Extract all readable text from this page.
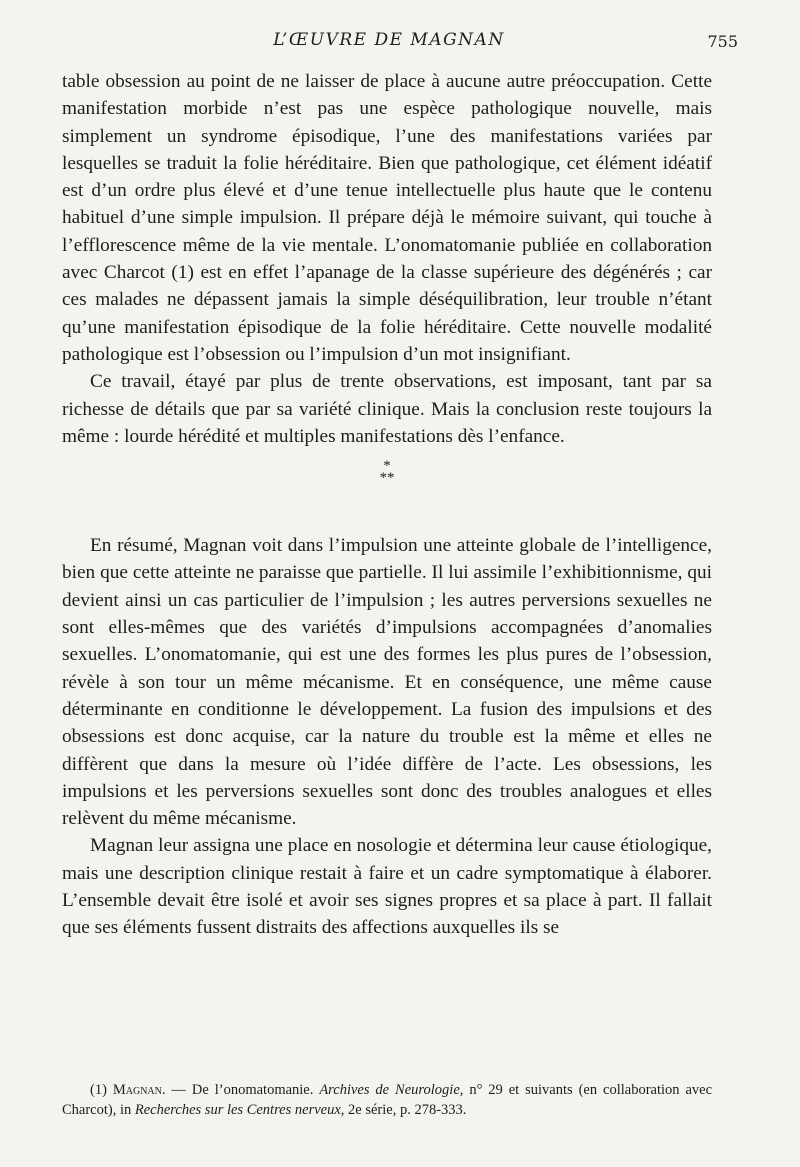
L’ŒUVRE DE MAGNAN	755

table obsession au point de ne laisser de place à aucune autre préoccupation. Cette manifestation morbide n’est pas une espèce pathologique nouvelle, mais simplement un syndrome épisodique, l’une des manifestations variées par lesquelles se traduit la folie héréditaire. Bien que pathologique, cet élément idéatif est d’un ordre plus élevé et d’une tenue intellectuelle plus haute que le contenu habituel d’une simple impulsion. Il prépare déjà le mémoire suivant, qui touche à l’efflorescence même de la vie mentale. L’onomatomanie publiée en collaboration avec Charcot (1) est en effet l’apanage de la classe supérieure des dégénérés ; car ces malades ne dépassent jamais la simple déséquilibration, leur trouble n’étant qu’une manifestation épisodique de la folie héréditaire. Cette nouvelle modalité pathologique est l’obsession ou l’impulsion d’un mot insignifiant.

Ce travail, étayé par plus de trente observations, est imposant, tant par sa richesse de détails que par sa variété clinique. Mais la conclusion reste toujours la même : lourde hérédité et multiples manifestations dès l’enfance.

*
**

En résumé, Magnan voit dans l’impulsion une atteinte globale de l’intelligence, bien que cette atteinte ne paraisse que partielle. Il lui assimile l’exhibitionnisme, qui devient ainsi un cas particulier de l’impulsion ; les autres perversions sexuelles ne sont elles-mêmes que des variétés d’impulsions accompagnées d’anomalies sexuelles. L’onomatomanie, qui est une des formes les plus pures de l’obsession, révèle à son tour un même mécanisme. Et en conséquence, une même cause déterminante en conditionne le développement. La fusion des impulsions et des obsessions est donc acquise, car la nature du trouble est la même et elles ne diffèrent que dans la mesure où l’idée diffère de l’acte. Les obsessions, les impulsions et les perversions sexuelles sont donc des troubles analogues et elles relèvent du même mécanisme.

Magnan leur assigna une place en nosologie et détermina leur cause étiologique, mais une description clinique restait à faire et un cadre symptomatique à élaborer. L’ensemble devait être isolé et avoir ses signes propres et sa place à part. Il fallait que ses éléments fussent distraits des affections auxquelles ils se

(1) Magnan. — De l’onomatomanie. Archives de Neurologie, n° 29 et suivants (en collaboration avec Charcot), in Recherches sur les Centres nerveux, 2e série, p. 278-333.
